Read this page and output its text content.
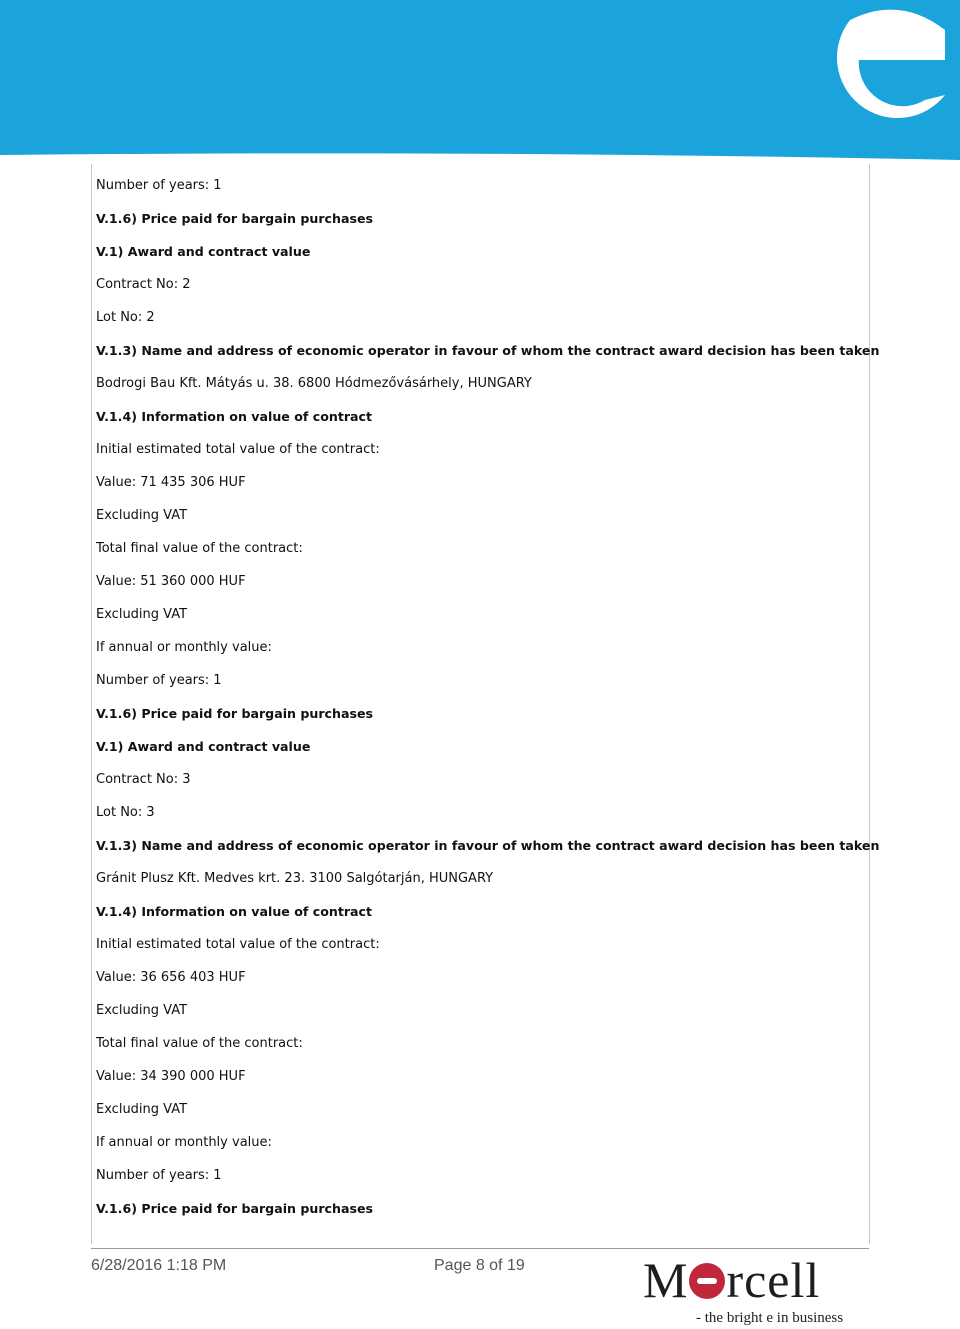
Number of years: 1
V.1.6) Price paid for bargain purchases
V.1) Award and contract value
Contract No: 2
Lot No: 2
V.1.3) Name and address of economic operator in favour of whom the contract award decision has been taken
Bodrogi Bau Kft. Mátyás u. 38. 6800 Hódmezővásárhely, HUNGARY
V.1.4) Information on value of contract
Initial estimated total value of the contract:
Value: 71 435 306 HUF
Excluding VAT
Total final value of the contract:
Value: 51 360 000 HUF
Excluding VAT
If annual or monthly value:
Number of years: 1
V.1.6) Price paid for bargain purchases
V.1) Award and contract value
Contract No: 3
Lot No: 3
V.1.3) Name and address of economic operator in favour of whom the contract award decision has been taken
Gránit Plusz Kft. Medves krt. 23. 3100 Salgótarján, HUNGARY
V.1.4) Information on value of contract
Initial estimated total value of the contract:
Value: 36 656 403 HUF
Excluding VAT
Total final value of the contract:
Value: 34 390 000 HUF
Excluding VAT
If annual or monthly value:
Number of years: 1
V.1.6) Price paid for bargain purchases
6/28/2016 1:18 PM	Page 8 of 19 M rcell
- the bright e in business
